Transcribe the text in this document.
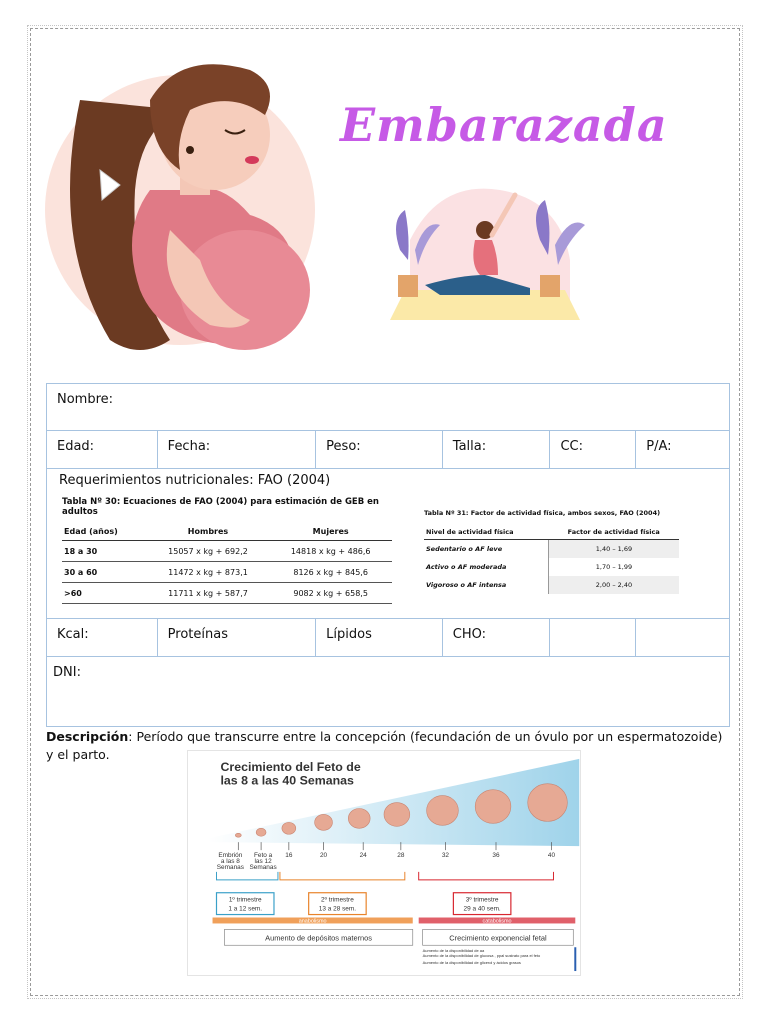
Embarazada
Nombre:
Edad:	Fecha:	Peso:	Talla:	CC:	P/A:
Requerimientos nutricionales: FAO (2004)
Kcal:	Proteínas	Lípidos	CHO:
DNI:
Tabla Nº 30: Ecuaciones de FAO (2004) para estimación de GEB en adultos
Edad (años)	Hombres	Mujeres
18 a 30	15057 x kg + 692,2	14818 x kg + 486,6
30 a 60	11472 x kg + 873,1	8126 x kg + 845,6
>60	11711 x kg + 587,7	9082 x kg + 658,5
Tabla Nº 31: Factor de actividad física, ambos sexos, FAO (2004)
Nivel de actividad física	Factor de actividad física
Sedentario o AF leve	1,40 – 1,69
Activo o AF moderada	1,70 – 1,99
Vigoroso o AF intensa	2,00 – 2,40
Descripción: Período que transcurre entre la concepción (fecundación de un óvulo por un espermatozoide) y el parto.
Crecimiento del Feto de
las 8 a las 40 Semanas
16	20	24	28	32	36	40
Embrión
a las 8
Semanas
Feto a
las 12
Semanas
1º trimestre
1 a 12 sem.
2º trimestre
13 a 28 sem.
3º trimestre
29 a 40 sem.
anabolismo	catabolismo
Aumento de depósitos maternos	Crecimiento exponencial fetal
Aumento de la disponibilidad de aa
Aumento de la disponibilidad de glucosa , ppal sustrato para el feto
Aumento de la disponibilidad de glicerol y ácidos grasos
